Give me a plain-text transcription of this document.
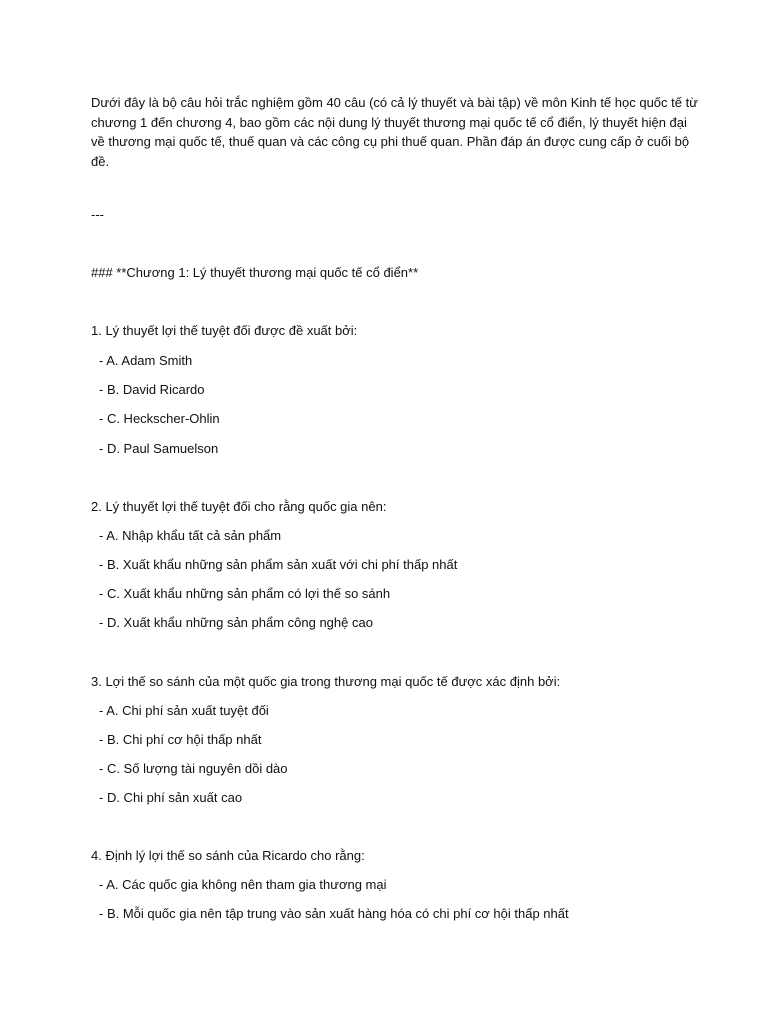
Dưới đây là bộ câu hỏi trắc nghiệm gồm 40 câu (có cả lý thuyết và bài tập) về môn Kinh tế học quốc tế từ chương 1 đến chương 4, bao gồm các nội dung lý thuyết thương mại quốc tế cổ điển, lý thuyết hiện đại về thương mại quốc tế, thuế quan và các công cụ phi thuế quan. Phần đáp án được cung cấp ở cuối bộ đề.

---

### **Chương 1: Lý thuyết thương mại quốc tế cổ điển**

1. Lý thuyết lợi thế tuyệt đối được đề xuất bởi:

- A. Adam Smith

- B. David Ricardo

- C. Heckscher-Ohlin

- D. Paul Samuelson

2. Lý thuyết lợi thế tuyệt đối cho rằng quốc gia nên:

- A. Nhập khẩu tất cả sản phẩm

- B. Xuất khẩu những sản phẩm sản xuất với chi phí thấp nhất

- C. Xuất khẩu những sản phẩm có lợi thế so sánh

- D. Xuất khẩu những sản phẩm công nghệ cao

3. Lợi thế so sánh của một quốc gia trong thương mại quốc tế được xác định bởi:

- A. Chi phí sản xuất tuyệt đối

- B. Chi phí cơ hội thấp nhất

- C. Số lượng tài nguyên dồi dào

- D. Chi phí sản xuất cao

4. Định lý lợi thế so sánh của Ricardo cho rằng:

- A. Các quốc gia không nên tham gia thương mại

- B. Mỗi quốc gia nên tập trung vào sản xuất hàng hóa có chi phí cơ hội thấp nhất
